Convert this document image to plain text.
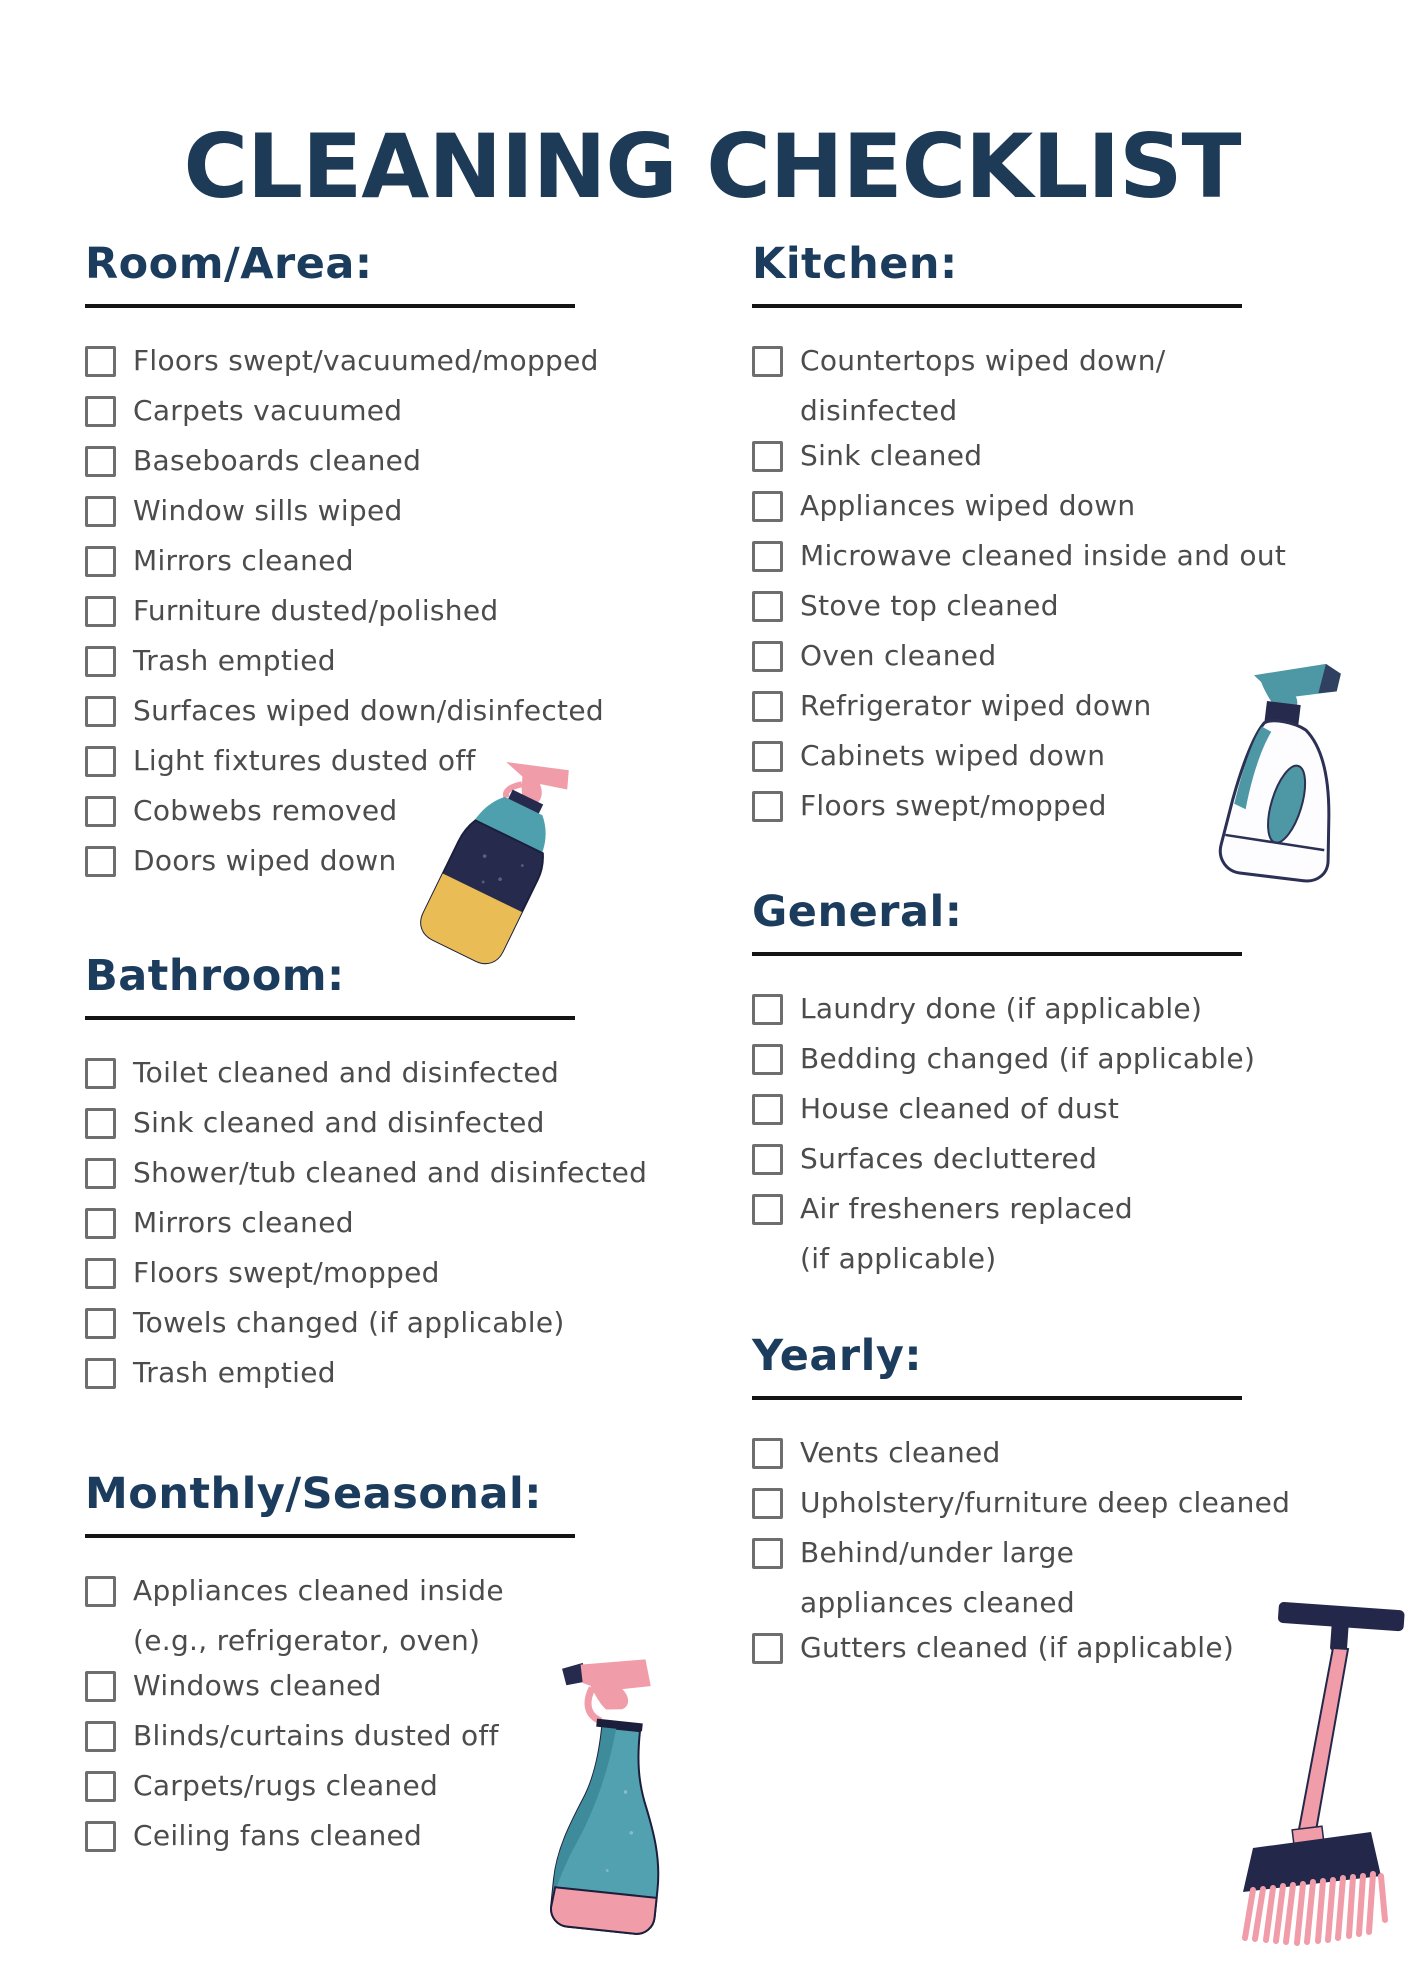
CLEANING CHECKLIST
Room/Area:
Floors swept/vacuumed/mopped
Carpets vacuumed
Baseboards cleaned
Window sills wiped
Mirrors cleaned
Furniture dusted/polished
Trash emptied
Surfaces wiped down/disinfected
Light fixtures dusted off
Cobwebs removed
Doors wiped down
Bathroom:
Toilet cleaned and disinfected
Sink cleaned and disinfected
Shower/tub cleaned and disinfected
Mirrors cleaned
Floors swept/mopped
Towels changed (if applicable)
Trash emptied
Monthly/Seasonal:
Appliances cleaned inside
(e.g., refrigerator, oven)
Windows cleaned
Blinds/curtains dusted off
Carpets/rugs cleaned
Ceiling fans cleaned
Kitchen:
Countertops wiped down/
disinfected
Sink cleaned
Appliances wiped down
Microwave cleaned inside and out
Stove top cleaned
Oven cleaned
Refrigerator wiped down
Cabinets wiped down
Floors swept/mopped
General:
Laundry done (if applicable)
Bedding changed (if applicable)
House cleaned of dust
Surfaces decluttered
Air fresheners replaced
(if applicable)
Yearly:
Vents cleaned
Upholstery/furniture deep cleaned
Behind/under large
appliances cleaned
Gutters cleaned (if applicable)
